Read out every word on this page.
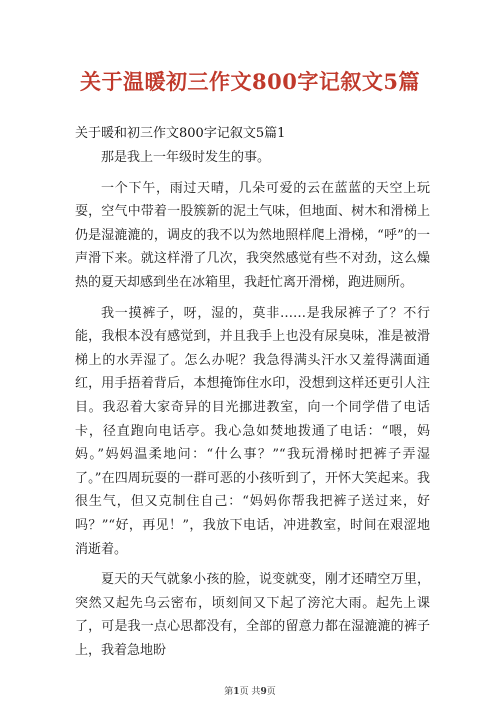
关于温暖初三作文800字记叙文5篇
关于暖和初三作文800字记叙文5篇1

那是我上一年级时发生的事。

一个下午，雨过天晴，几朵可爱的云在蓝蓝的天空上玩耍，空气中带着一股簇新的泥土气味，但地面、树木和滑梯上仍是湿漉漉的，调皮的我不以为然地照样爬上滑梯，“呼”的一声滑下来。就这样滑了几次，我突然感觉有些不对劲，这么燥热的夏天却感到坐在冰箱里，我赶忙离开滑梯，跑进厕所。

我一摸裤子，呀，湿的，莫非……是我尿裤子了？不行能，我根本没有感觉到，并且我手上也没有尿臭味，准是被滑梯上的水弄湿了。怎么办呢？我急得满头汗水又羞得满面通红，用手捂着背后，本想掩饰住水印，没想到这样还更引人注目。我忍着大家奇异的目光挪进教室，向一个同学借了电话卡，径直跑向电话亭。我心急如焚地拨通了电话：“喂，妈妈。”妈妈温柔地问：“什么事？”“我玩滑梯时把裤子弄湿了。”在四周玩耍的一群可恶的小孩听到了，开怀大笑起来。我很生气，但又克制住自己：“妈妈你帮我把裤子送过来，好吗？”“好，再见！”，我放下电话，冲进教室，时间在艰涩地消逝着。

夏天的天气就象小孩的脸，说变就变，刚才还晴空万里，突然又起先乌云密布，顷刻间又下起了滂沱大雨。起先上课了，可是我一点心思都没有，全部的留意力都在湿漉漉的裤子上，我着急地盼

第1页 共9页
